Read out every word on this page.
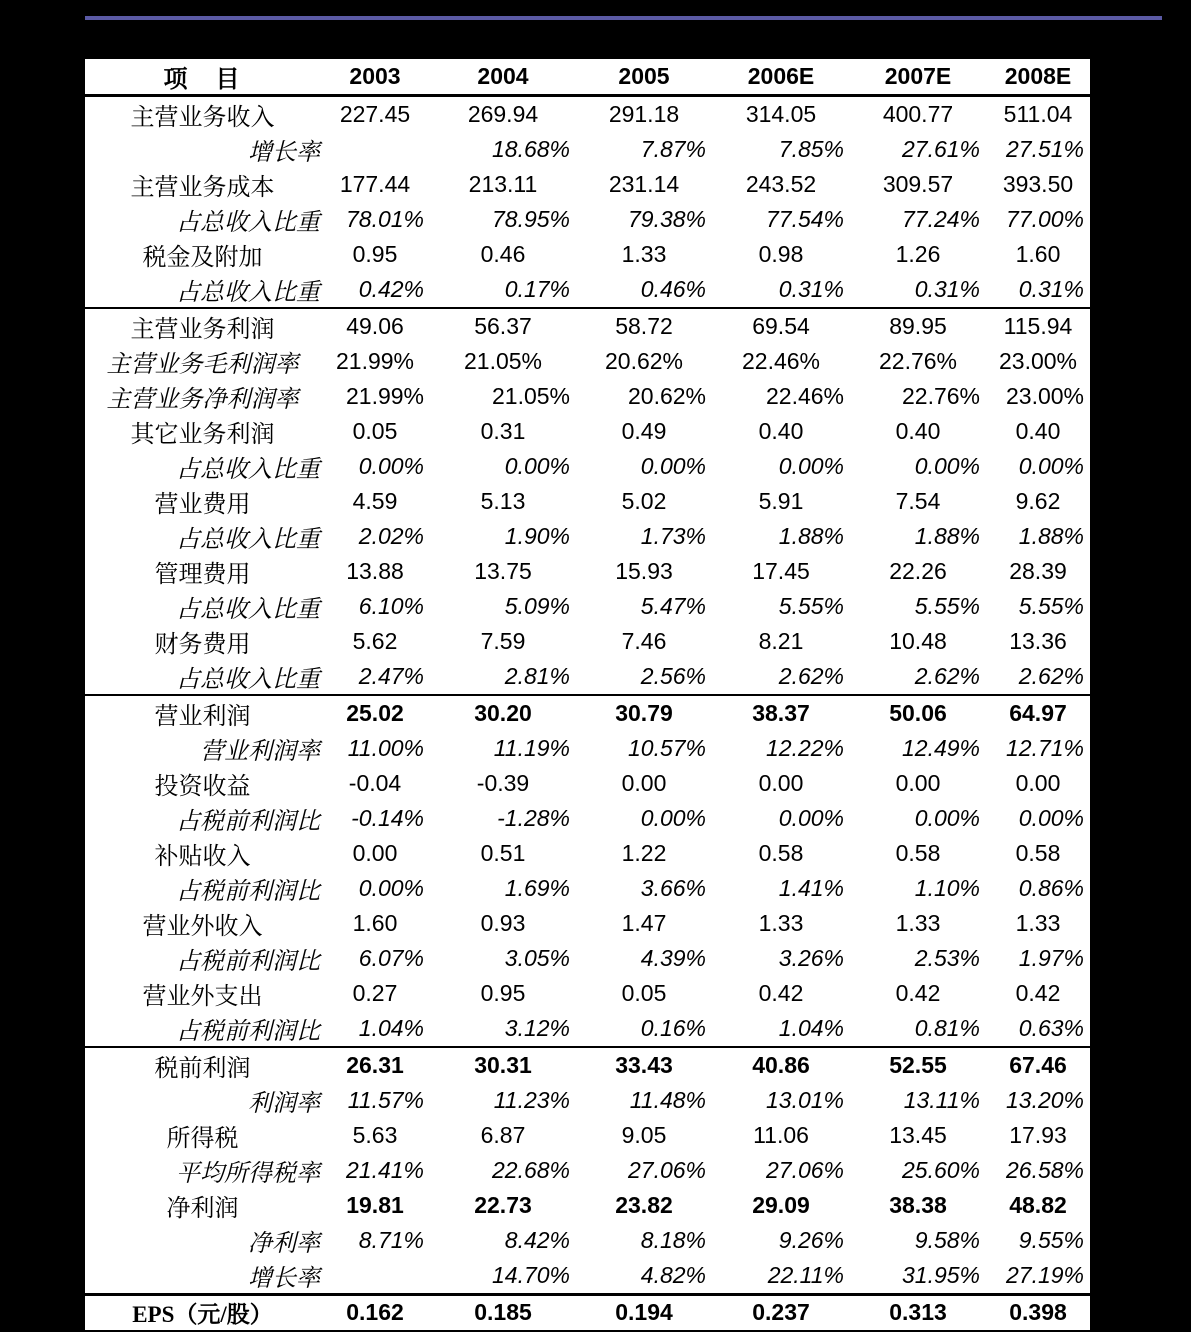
项　目	2003	2004	2005	2006E	2007E	2008E
主营业务收入	227.45	269.94	291.18	314.05	400.77	511.04
增长率		18.68%	7.87%	7.85%	27.61%	27.51%
主营业务成本	177.44	213.11	231.14	243.52	309.57	393.50
占总收入比重	78.01%	78.95%	79.38%	77.54%	77.24%	77.00%
税金及附加	0.95	0.46	1.33	0.98	1.26	1.60
占总收入比重	0.42%	0.17%	0.46%	0.31%	0.31%	0.31%
主营业务利润	49.06	56.37	58.72	69.54	89.95	115.94
主营业务毛利润率	21.99%	21.05%	20.62%	22.46%	22.76%	23.00%
主营业务净利润率	21.99%	21.05%	20.62%	22.46%	22.76%	23.00%
其它业务利润	0.05	0.31	0.49	0.40	0.40	0.40
占总收入比重	0.00%	0.00%	0.00%	0.00%	0.00%	0.00%
营业费用	4.59	5.13	5.02	5.91	7.54	9.62
占总收入比重	2.02%	1.90%	1.73%	1.88%	1.88%	1.88%
管理费用	13.88	13.75	15.93	17.45	22.26	28.39
占总收入比重	6.10%	5.09%	5.47%	5.55%	5.55%	5.55%
财务费用	5.62	7.59	7.46	8.21	10.48	13.36
占总收入比重	2.47%	2.81%	2.56%	2.62%	2.62%	2.62%
营业利润	25.02	30.20	30.79	38.37	50.06	64.97
营业利润率	11.00%	11.19%	10.57%	12.22%	12.49%	12.71%
投资收益	-0.04	-0.39	0.00	0.00	0.00	0.00
占税前利润比	-0.14%	-1.28%	0.00%	0.00%	0.00%	0.00%
补贴收入	0.00	0.51	1.22	0.58	0.58	0.58
占税前利润比	0.00%	1.69%	3.66%	1.41%	1.10%	0.86%
营业外收入	1.60	0.93	1.47	1.33	1.33	1.33
占税前利润比	6.07%	3.05%	4.39%	3.26%	2.53%	1.97%
营业外支出	0.27	0.95	0.05	0.42	0.42	0.42
占税前利润比	1.04%	3.12%	0.16%	1.04%	0.81%	0.63%
税前利润	26.31	30.31	33.43	40.86	52.55	67.46
利润率	11.57%	11.23%	11.48%	13.01%	13.11%	13.20%
所得税	5.63	6.87	9.05	11.06	13.45	17.93
平均所得税率	21.41%	22.68%	27.06%	27.06%	25.60%	26.58%
净利润	19.81	22.73	23.82	29.09	38.38	48.82
净利率	8.71%	8.42%	8.18%	9.26%	9.58%	9.55%
增长率		14.70%	4.82%	22.11%	31.95%	27.19%
EPS（元/股）	0.162	0.185	0.194	0.237	0.313	0.398
